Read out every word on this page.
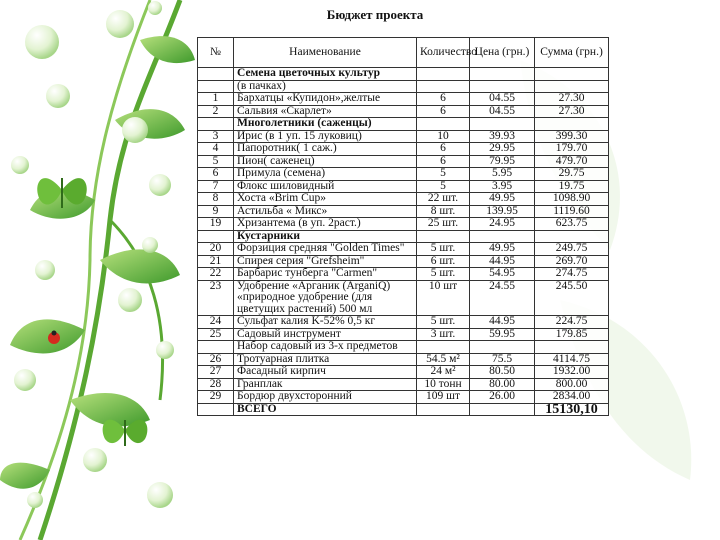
Бюджет проекта
№	Наименование	Количество	Цена (грн.)	Сумма (грн.)
	Семена цветочных культур			
	(в пачках)			
1	Бархатцы «Купидон»,желтые	6	04.55	27.30
2	Сальвия «Скарлет»	6	04.55	27.30
	Многолетники (саженцы)			
3	Ирис (в 1 уп. 15 луковиц)	10	39.93	399.30
4	Папоротник( 1 саж.)	6	29.95	179.70
5	Пион( саженец)	6	79.95	479.70
6	Примула (семена)	5	5.95	29.75
7	Флокс шиловидный	5	3.95	19.75
8	Хоста «Brim Cup»	22 шт.	49.95	1098.90
9	Астильба « Микс»	8 шт.	139.95	1119.60
19	Хризантема (в уп. 2раст.)	25 шт.	24.95	623.75
	Кустарники			
20	Форзиция средняя "Golden Times"	5 шт.	49.95	249.75
21	Спирея серия "Grefsheim"	6 шт.	44.95	269.70
22	Барбарис тунберга "Carmen"	5 шт.	54.95	274.75
23	Удобрение «Арганик (ArganiQ) «природное удобрение (для цветущих растений) 500 мл	10 шт	24.55	245.50
24	Сульфат калия K-52% 0,5 кг	5 шт.	44.95	224.75
25	Садовый инструмент	3 шт.	59.95	179.85
	Набор садовый из 3-х предметов			
26	Тротуарная плитка	54.5 м²	75.5	4114.75
27	Фасадный кирпич	24 м²	80.50	1932.00
28	Гранплак	10 тонн	80.00	800.00
29	Бордюр двухсторонний	109 шт	26.00	2834.00
	ВСЕГО			15130,10
